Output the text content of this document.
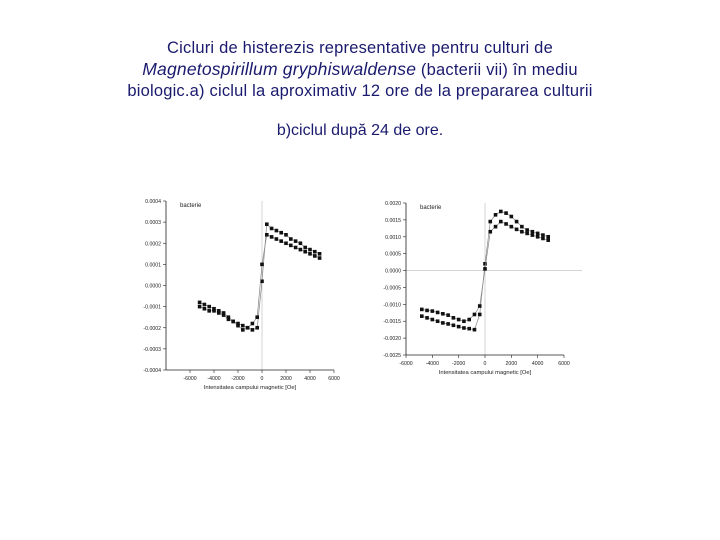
Cicluri de histerezis representative pentru culturi de
Magnetospirillum gryphiswaldense (bacterii vii) în mediu
biologic.a) ciclul la aproximativ 12 ore de la prepararea culturii
b)ciclul după 24 de ore.
0.0004
0.0003
0.0002
0.0001
0.0000
-0.0001
-0.0002
-0.0003
-0.0004
-6000 -4000 -2000	0	2000 4000 6000
Intensitatea campului magnetic [Oe]
bacterie	0.0020
0.0015
0.0010
0.0005
0.0000
-0.0005
-0.0010
-0.0015
-0.0020
-0.0025
-6000	-4000	-2000	0	2000	4000	6000
Intensitatea campului magnetic [Oe]
bacterie
